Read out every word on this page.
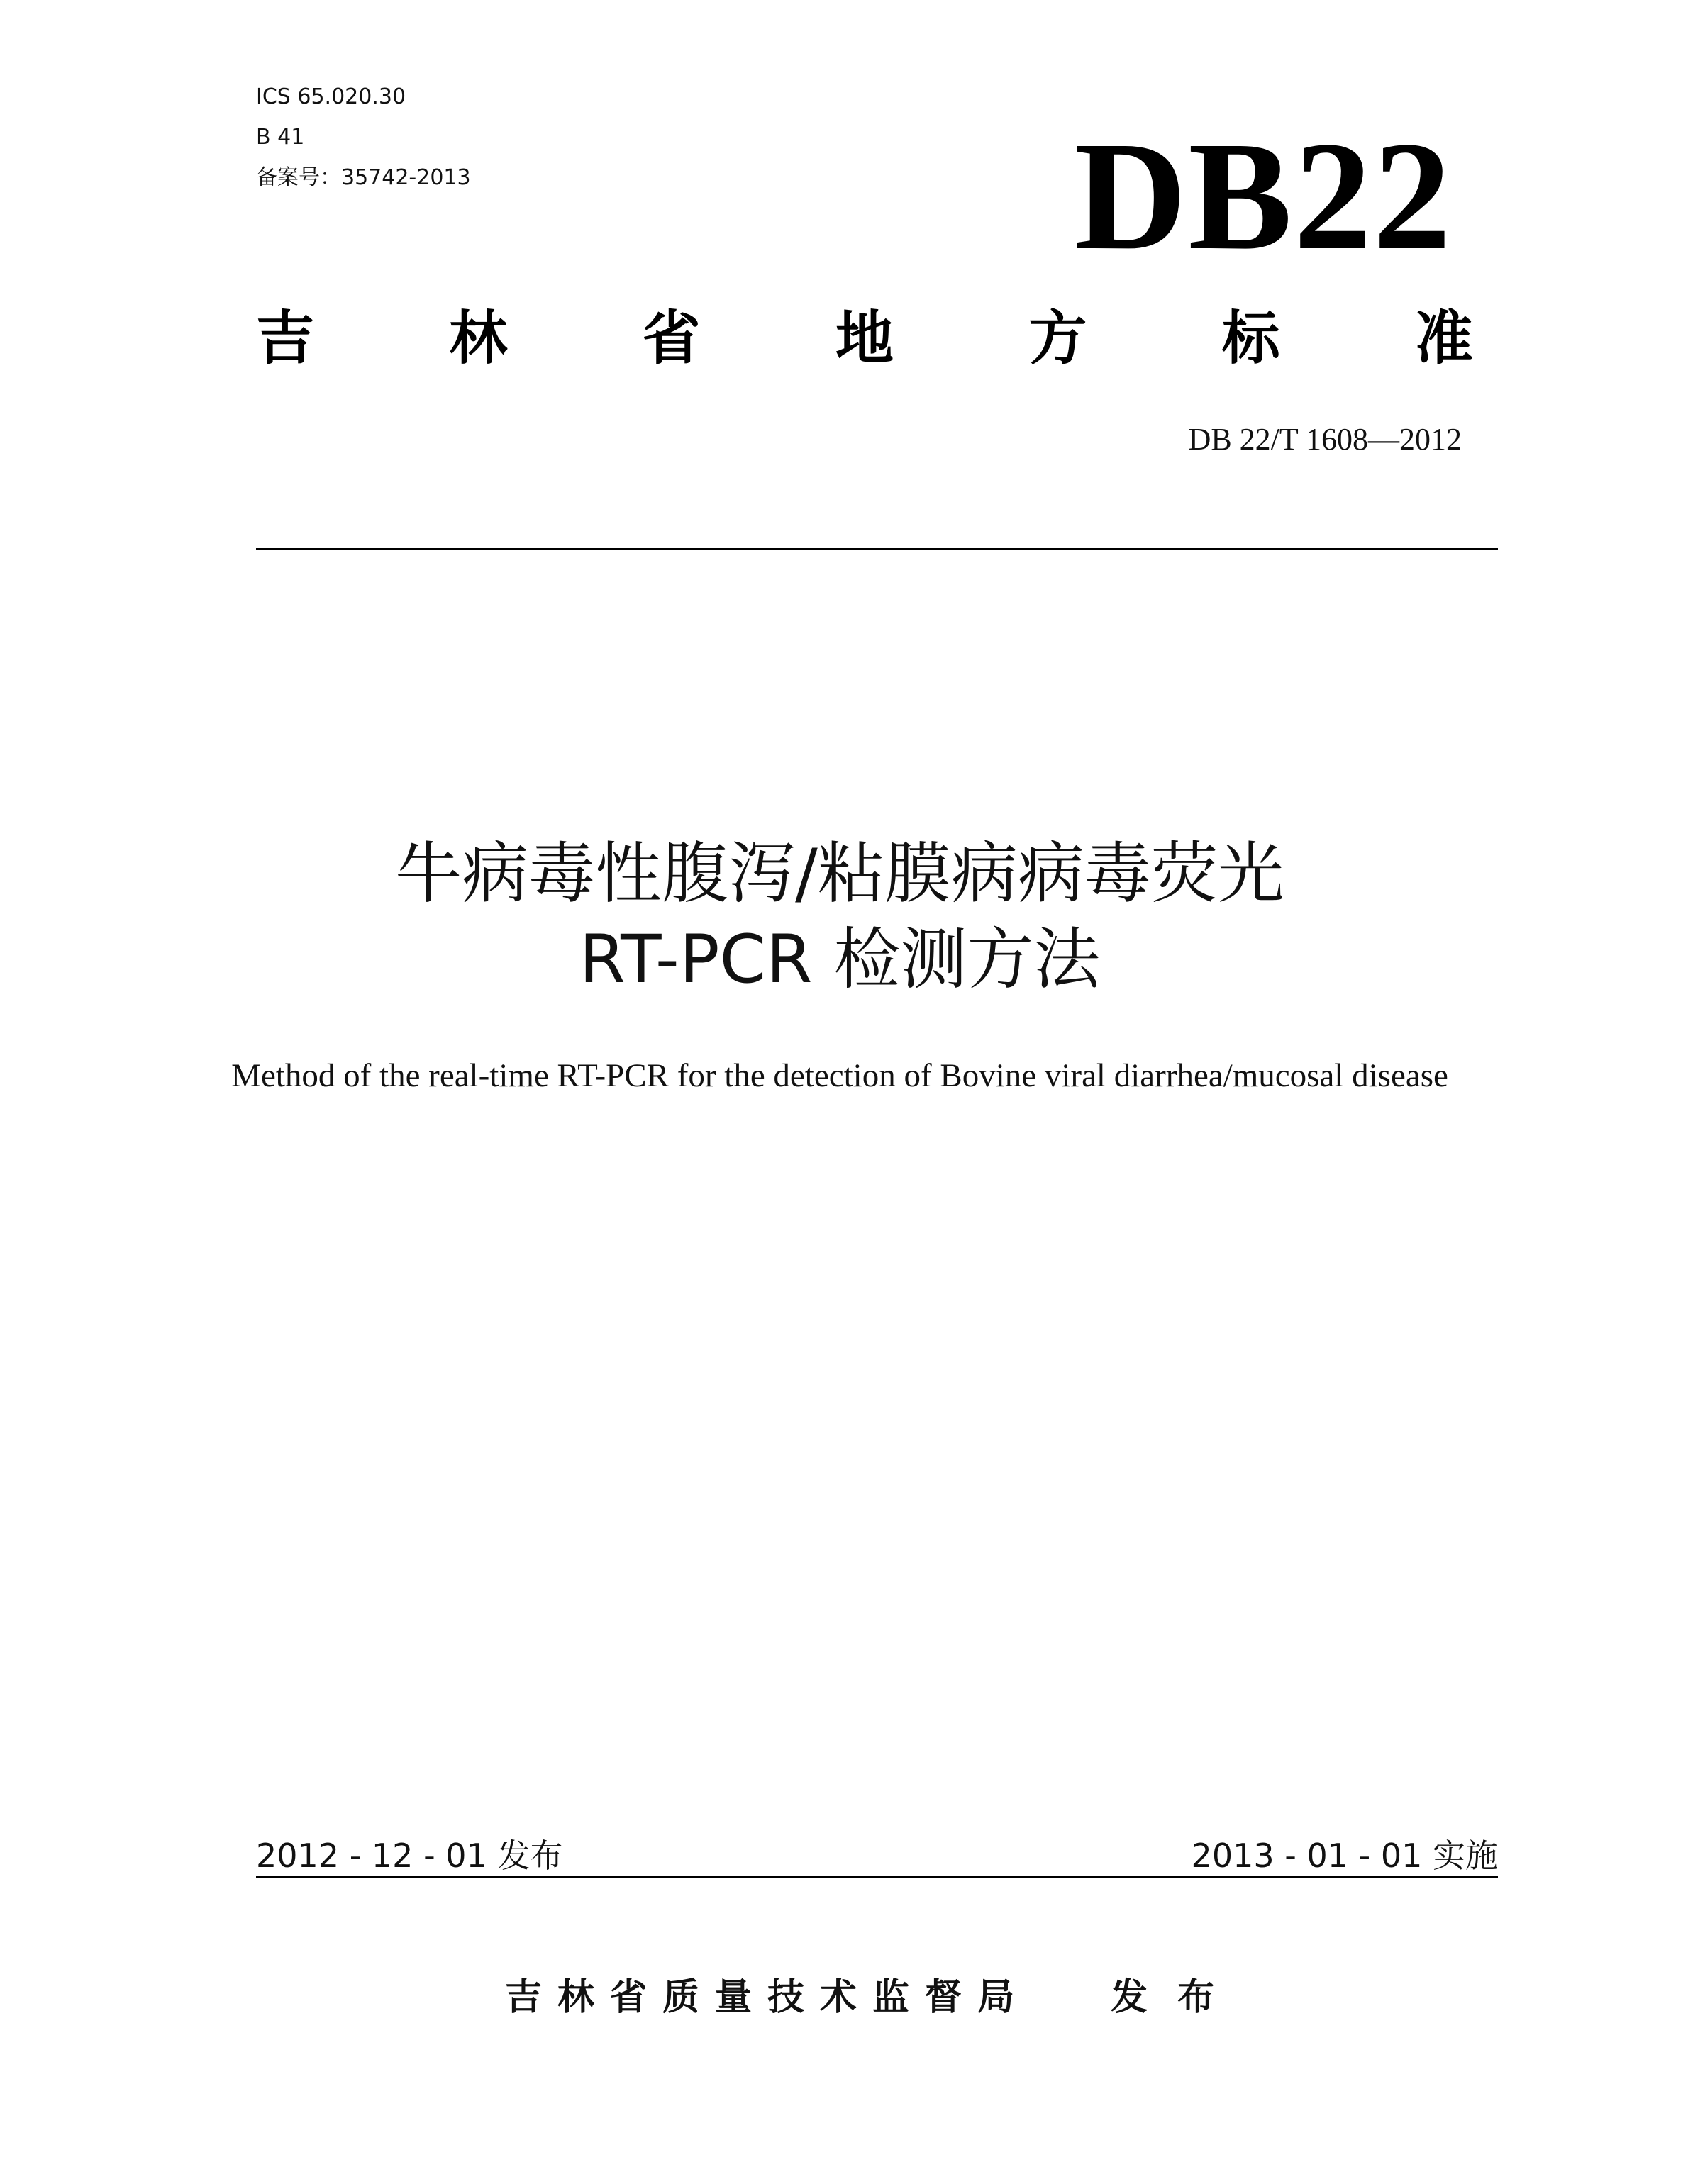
ICS 65.020.30
B 41
备案号：35742-2013	DB22
吉 林 省 地 方 标 准
DB 22/T 1608—2012
牛病毒性腹泻/粘膜病病毒荧光
RT-PCR 检测方法
Method of the real-time RT-PCR for the detection of Bovine viral diarrhea/mucosal disease
2012 - 12 - 01 发布	2013 - 01 - 01 实施
吉林省质量技术监督局 发 布
